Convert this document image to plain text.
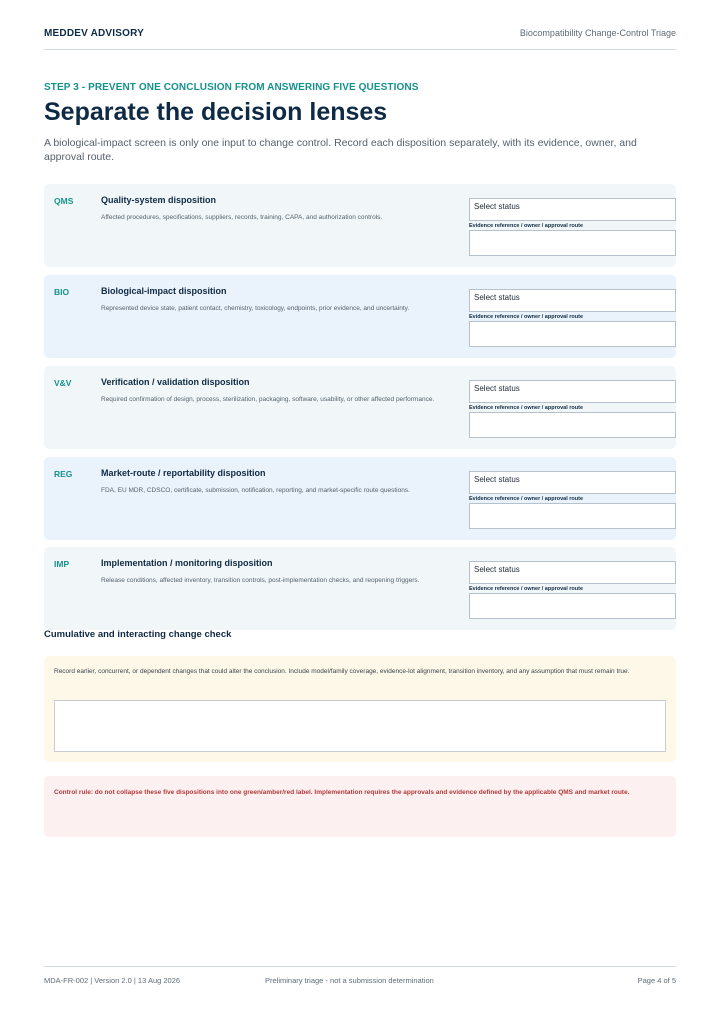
MEDDEV ADVISORY	Biocompatibility Change-Control Triage
STEP 3 - PREVENT ONE CONCLUSION FROM ANSWERING FIVE QUESTIONS
Separate the decision lenses

A biological-impact screen is only one input to change control. Record each disposition separately, with its evidence, owner, and approval route.

QMS	Quality-system disposition
Affected procedures, specifications, suppliers, records, training, CAPA, and authorization controls.
Select status
Evidence reference / owner / approval route
BIO	Biological-impact disposition
Represented device state, patient contact, chemistry, toxicology, endpoints, prior evidence, and uncertainty.
Select status
Evidence reference / owner / approval route
V&V	Verification / validation disposition
Required confirmation of design, process, sterilization, packaging, software, usability, or other affected performance.
Select status
Evidence reference / owner / approval route
REG	Market-route / reportability disposition
FDA, EU MDR, CDSCO, certificate, submission, notification, reporting, and market-specific route questions.
Select status
Evidence reference / owner / approval route
IMP	Implementation / monitoring disposition
Release conditions, affected inventory, transition controls, post-implementation checks, and reopening triggers.
Select status
Evidence reference / owner / approval route
Cumulative and interacting change check
Record earlier, concurrent, or dependent changes that could alter the conclusion. Include model/family coverage, evidence-lot alignment, transition inventory, and any assumption that must remain true.
Control rule: do not collapse these five dispositions into one green/amber/red label. Implementation requires the approvals and evidence defined by the applicable QMS and market route.
MDA-FR-002 | Version 2.0 | 13 Aug 2026	Preliminary triage - not a submission determination	Page 4 of 5
